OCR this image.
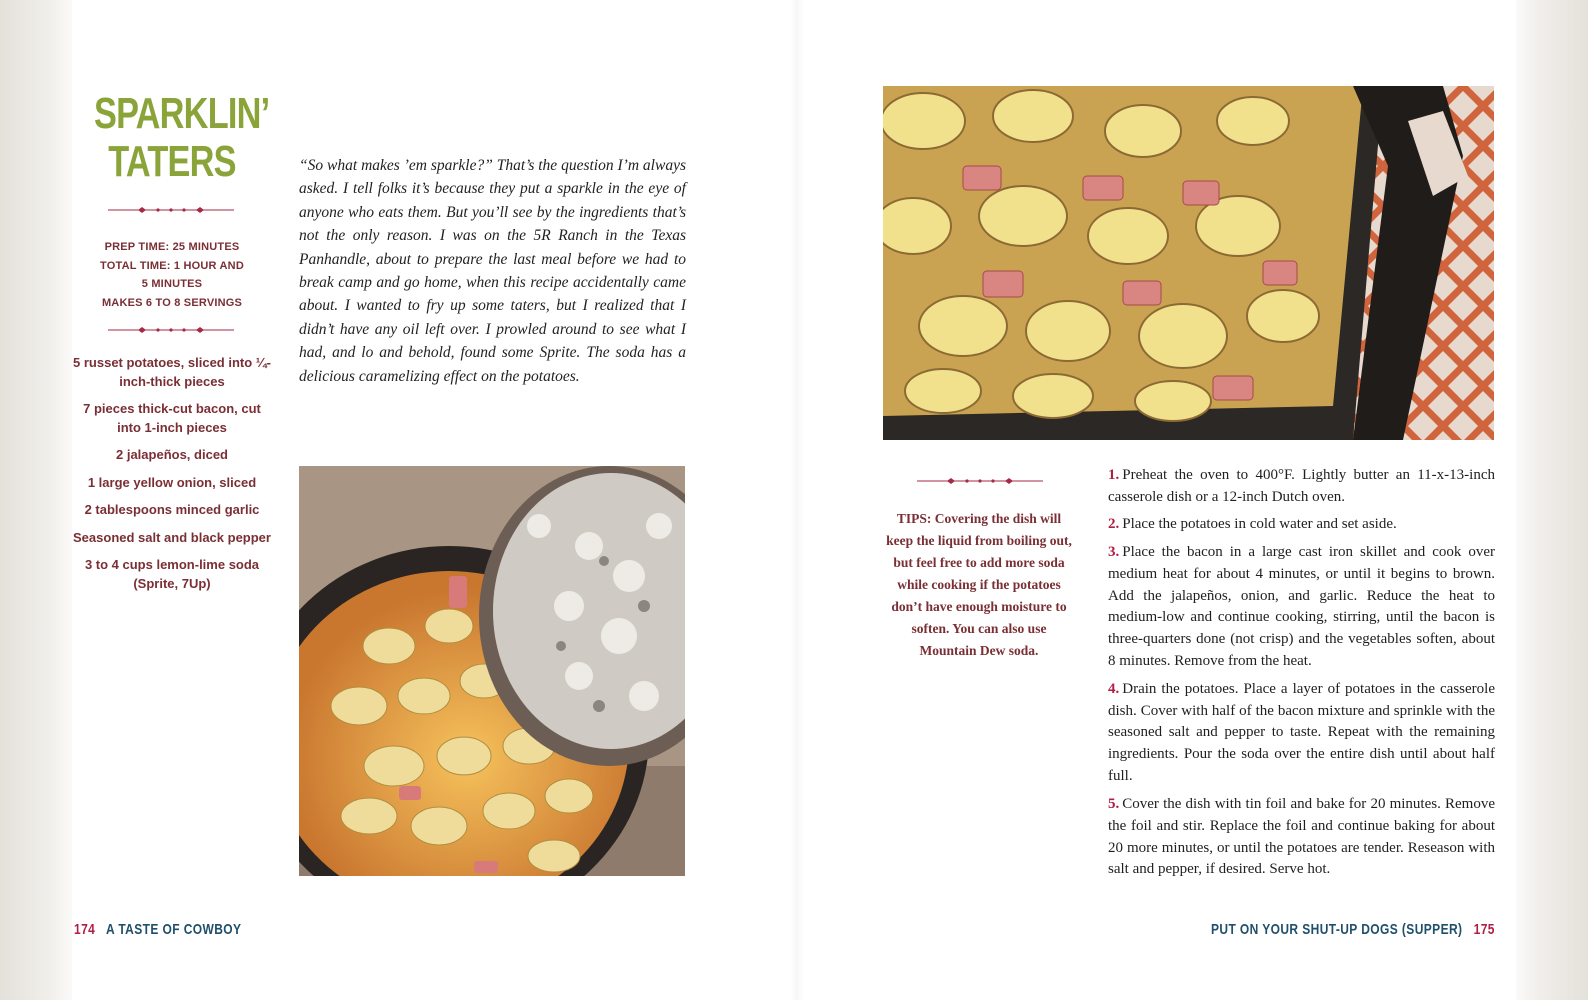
SPARKLIN’
TATERS
PREP TIME: 25 MINUTES
TOTAL TIME: 1 HOUR AND
5 MINUTES
MAKES 6 TO 8 SERVINGS
5 russet potatoes, sliced into ¼-inch-thick pieces
7 pieces thick-cut bacon, cut into 1-inch pieces
2 jalapeños, diced
1 large yellow onion, sliced
2 tablespoons minced garlic
Seasoned salt and black pepper
3 to 4 cups lemon-lime soda (Sprite, 7Up)

“So what makes ’em sparkle?” That’s the question I’m always asked. I tell folks it’s because they put a sparkle in the eye of anyone who eats them. But you’ll see by the ingredients that’s not the only reason. I was on the 5R Ranch in the Texas Panhandle, about to prepare the last meal before we had to break camp and go home, when this recipe accidentally came about. I wanted to fry up some taters, but I realized that I didn’t have any oil left over. I prowled around to see what I had, and lo and behold, found some Sprite. The soda has a delicious caramelizing effect on the potatoes.

TIPS: Covering the dish will keep the liquid from boiling out, but feel free to add more soda while cooking if the potatoes don’t have enough moisture to soften. You can also use Mountain Dew soda.

1. Preheat the oven to 400°F. Lightly butter an 11-x-13-inch casserole dish or a 12-inch Dutch oven.
2. Place the potatoes in cold water and set aside.
3. Place the bacon in a large cast iron skillet and cook over medium heat for about 4 minutes, or until it begins to brown. Add the jalapeños, onion, and garlic. Reduce the heat to medium-low and continue cooking, stirring, until the bacon is three-quarters done (not crisp) and the vegetables soften, about 8 minutes. Remove from the heat.
4. Drain the potatoes. Place a layer of potatoes in the casserole dish. Cover with half of the bacon mixture and sprinkle with the seasoned salt and pepper to taste. Repeat with the remaining ingredients. Pour the soda over the entire dish until about half full.
5. Cover the dish with tin foil and bake for 20 minutes. Remove the foil and stir. Replace the foil and continue baking for about 20 more minutes, or until the potatoes are tender. Reseason with salt and pepper, if desired. Serve hot.
174 A TASTE OF COWBOY	PUT ON YOUR SHUT-UP DOGS (SUPPER) 175
